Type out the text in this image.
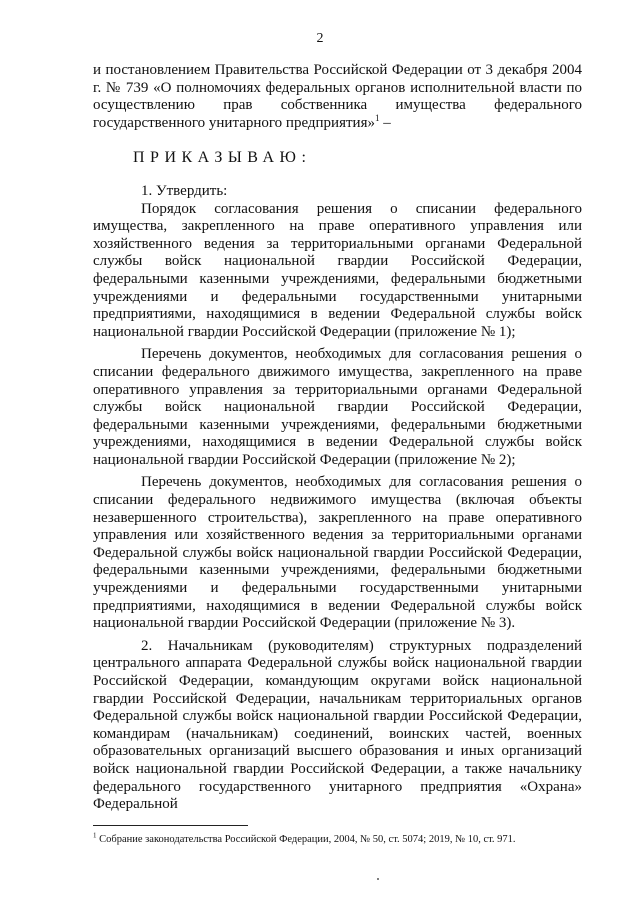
2

и постановлением Правительства Российской Федерации от 3 декабря 2004 г. № 739 «О полномочиях федеральных органов исполнительной власти по осуществлению прав собственника имущества федерального государственного унитарного предприятия»$^1$ –

ПРИКАЗЫВАЮ:

1. Утвердить:

Порядок согласования решения о списании федерального имущества, закрепленного на праве оперативного управления или хозяйственного ведения за территориальными органами Федеральной службы войск национальной гвардии Российской Федерации, федеральными казенными учреждениями, федеральными бюджетными учреждениями и федеральными государственными унитарными предприятиями, находящимися в ведении Федеральной службы войск национальной гвардии Российской Федерации (приложение № 1);

Перечень документов, необходимых для согласования решения о списании федерального движимого имущества, закрепленного на праве оперативного управления за территориальными органами Федеральной службы войск национальной гвардии Российской Федерации, федеральными казенными учреждениями, федеральными бюджетными учреждениями, находящимися в ведении Федеральной службы войск национальной гвардии Российской Федерации (приложение № 2);

Перечень документов, необходимых для согласования решения о списании федерального недвижимого имущества (включая объекты незавершенного строительства), закрепленного на праве оперативного управления или хозяйственного ведения за территориальными органами Федеральной службы войск национальной гвардии Российской Федерации, федеральными казенными учреждениями, федеральными бюджетными учреждениями и федеральными государственными унитарными предприятиями, находящимися в ведении Федеральной службы войск национальной гвардии Российской Федерации (приложение № 3).

2. Начальникам (руководителям) структурных подразделений центрального аппарата Федеральной службы войск национальной гвардии Российской Федерации, командующим округами войск национальной гвардии Российской Федерации, начальникам территориальных органов Федеральной службы войск национальной гвардии Российской Федерации, командирам (начальникам) соединений, воинских частей, военных образовательных организаций высшего образования и иных организаций войск национальной гвардии Российской Федерации, а также начальнику федерального государственного унитарного предприятия «Охрана» Федеральной

$^1$ Собрание законодательства Российской Федерации, 2004, № 50, ст. 5074; 2019, № 10, ст. 971.
